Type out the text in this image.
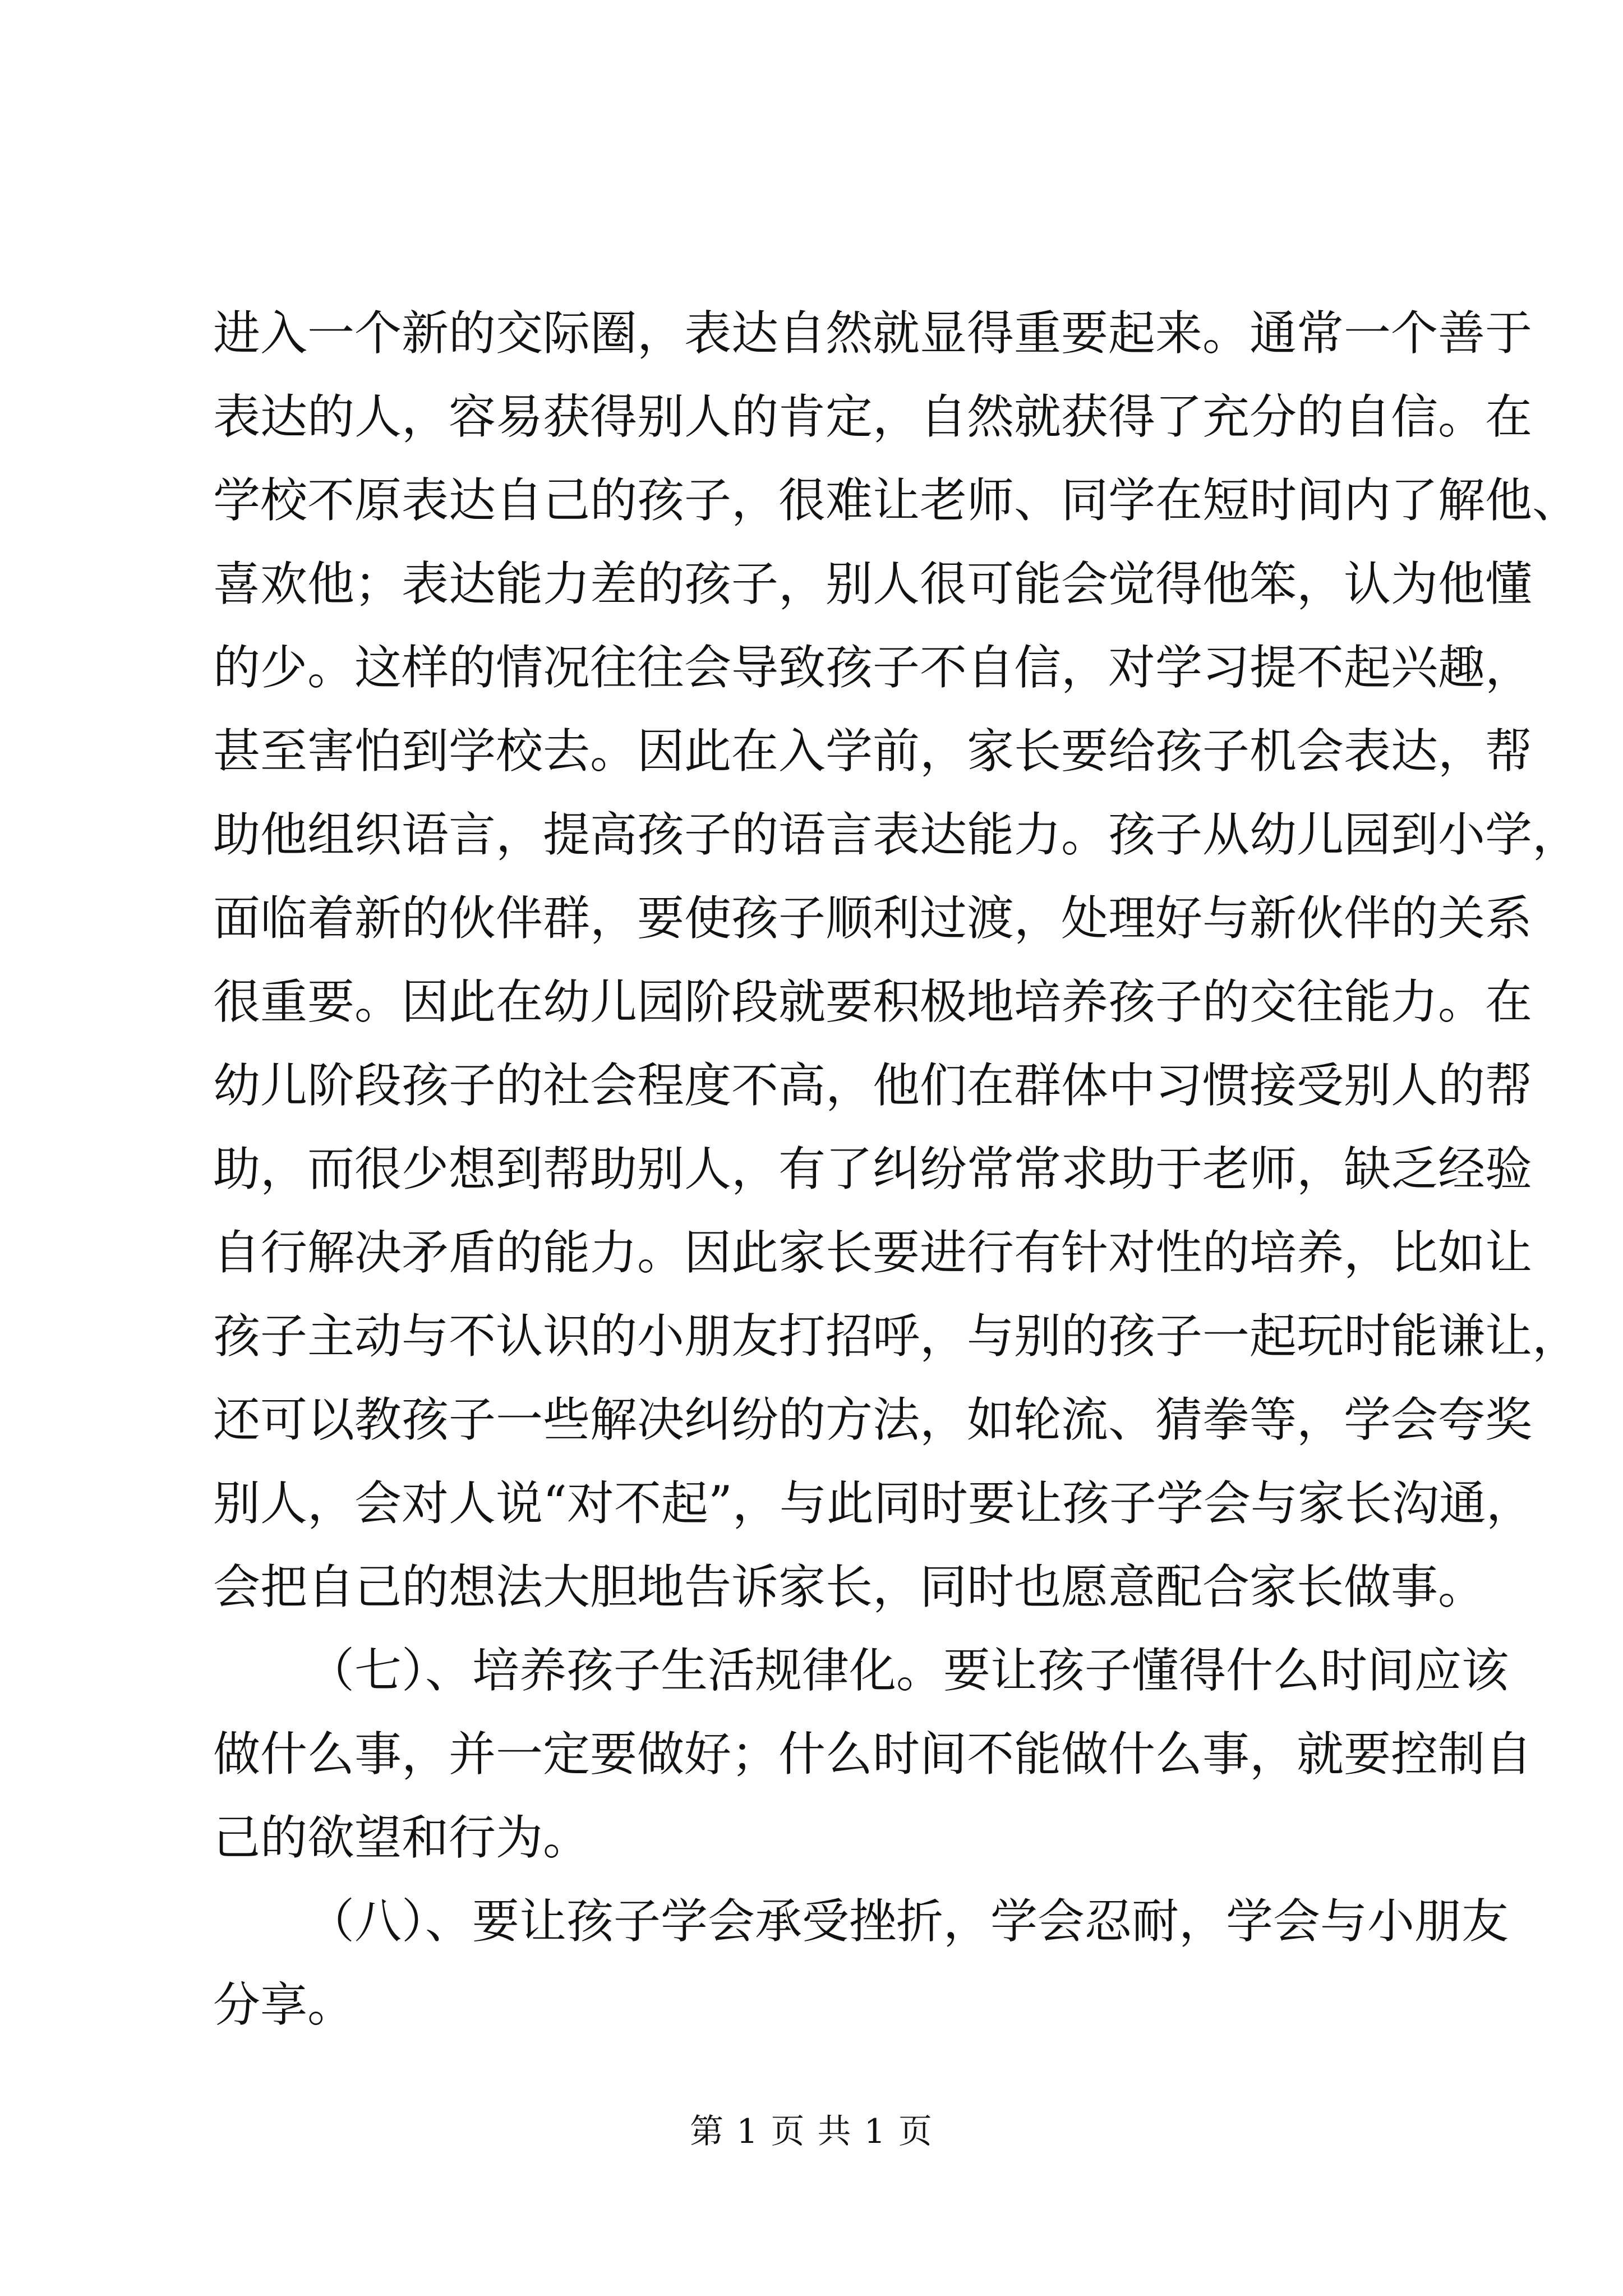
进入一个新的交际圈，表达自然就显得重要起来。通常一个善于
表达的人，容易获得别人的肯定，自然就获得了充分的自信。在
学校不原表达自己的孩子，很难让老师、同学在短时间内了解他、
喜欢他；表达能力差的孩子，别人很可能会觉得他笨，认为他懂
的少。这样的情况往往会导致孩子不自信，对学习提不起兴趣，
甚至害怕到学校去。因此在入学前，家长要给孩子机会表达，帮
助他组织语言，提高孩子的语言表达能力。孩子从幼儿园到小学，
面临着新的伙伴群，要使孩子顺利过渡，处理好与新伙伴的关系
很重要。因此在幼儿园阶段就要积极地培养孩子的交往能力。在
幼儿阶段孩子的社会程度不高，他们在群体中习惯接受别人的帮
助，而很少想到帮助别人，有了纠纷常常求助于老师，缺乏经验
自行解决矛盾的能力。因此家长要进行有针对性的培养，比如让
孩子主动与不认识的小朋友打招呼，与别的孩子一起玩时能谦让，
还可以教孩子一些解决纠纷的方法，如轮流、猜拳等，学会夸奖
别人，会对人说“对不起”，与此同时要让孩子学会与家长沟通，
会把自己的想法大胆地告诉家长，同时也愿意配合家长做事。
（七）、培养孩子生活规律化。要让孩子懂得什么时间应该
做什么事，并一定要做好；什么时间不能做什么事，就要控制自
己的欲望和行为。
（八）、要让孩子学会承受挫折，学会忍耐，学会与小朋友
分享。
第 1 页 共 1 页
